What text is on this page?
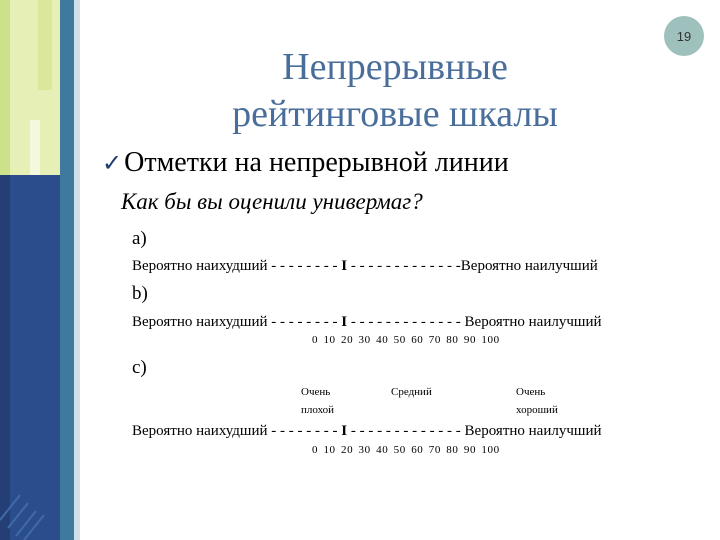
19
Непрерывные
рейтинговые шкалы
✓Отметки на непрерывной линии
Как бы вы оценили универмаг?
a)
Вероятно наихудший - - - - - - - - I - - - - - - - - - - - - -Вероятно наилучший
b)
Вероятно наихудший - - - - - - - - I - - - - - - - - - - - - - Вероятно наилучший
0 10 20 30 40 50 60 70 80 90 100
c)
Очень
плохой
Средний	Очень
хороший
Вероятно наихудший - - - - - - - - I - - - - - - - - - - - - - Вероятно наилучший
0 10 20 30 40 50 60 70 80 90 100
